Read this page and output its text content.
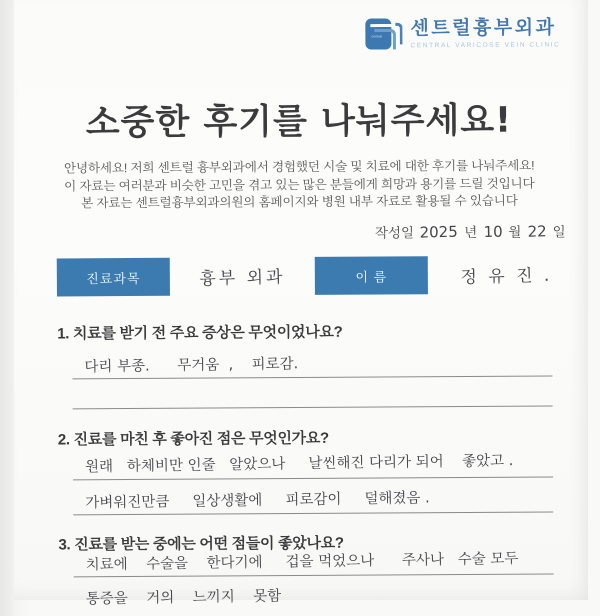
central 센트럴흉부외과
CENTRAL VARICOSE VEIN CLINIC
소중한 후기를 나눠주세요!
안녕하세요! 저희 센트럴 흉부외과에서 경험했던 시술 및 치료에 대한 후기를 나눠주세요!
이 자료는 여러분과 비슷한 고민을 겪고 있는 많은 분들에게 희망과 용기를 드릴 것입니다
본 자료는 센트럴흉부외과의원의 홈페이지와 병원 내부 자료로 활용될 수 있습니다
작성일 2025 년 10 월 22 일
진료과목	흉부 외과	이 름	정 유 진 .
1. 치료를 받기 전 주요 증상은 무엇이었나요?
다리 부종.      무거움  ,    피로감.
2. 진료를 마친 후 좋아진 점은 무엇인가요?
원래   하체비만 인줄   알았으나     날씬해진 다리가 되어    좋았고 .
가벼워진만큼     일상생활에     피로감이     덜해졌음 .
3. 진료를 받는 중에는 어떤 점들이 좋았나요?
치료에    수술을    한다기에     겁을 먹었으나      주사나   수술 모두
통증을    거의    느끼지    못함
